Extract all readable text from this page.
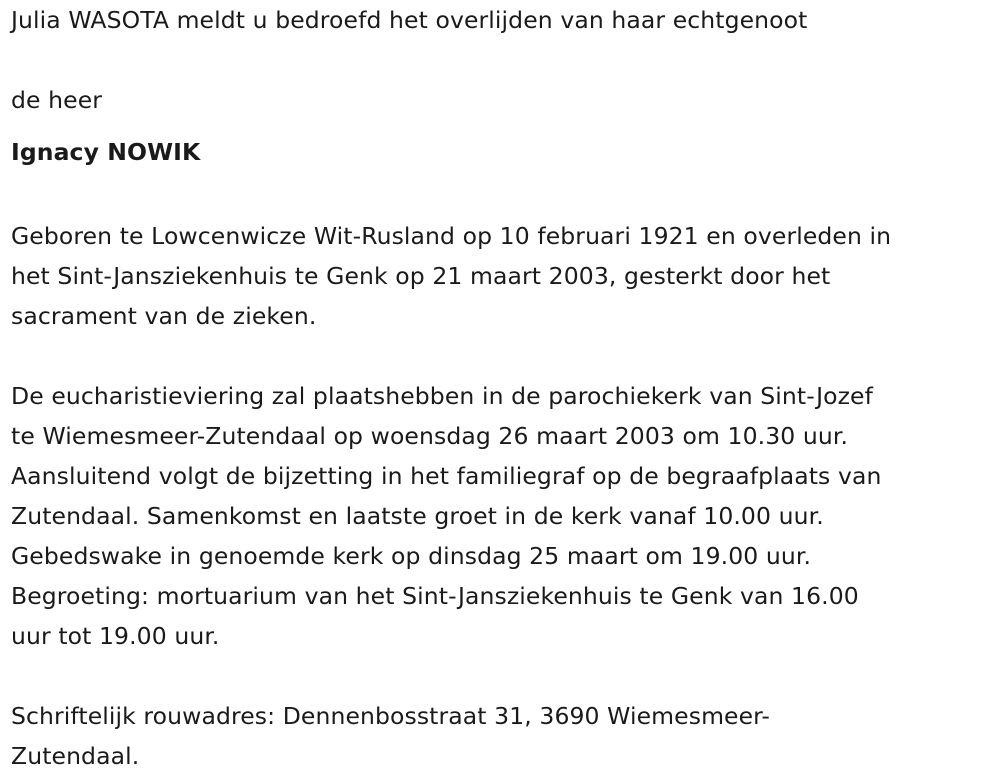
Julia WASOTA meldt u bedroefd het overlijden van haar echtgenoot

de heer

Ignacy NOWIK

Geboren te Lowcenwicze Wit-Rusland op 10 februari 1921 en overleden in

het Sint-Jansziekenhuis te Genk op 21 maart 2003, gesterkt door het

sacrament van de zieken.

De eucharistieviering zal plaatshebben in de parochiekerk van Sint-Jozef

te Wiemesmeer-Zutendaal op woensdag 26 maart 2003 om 10.30 uur.

Aansluitend volgt de bijzetting in het familiegraf op de begraafplaats van

Zutendaal. Samenkomst en laatste groet in de kerk vanaf 10.00 uur.

Gebedswake in genoemde kerk op dinsdag 25 maart om 19.00 uur.

Begroeting: mortuarium van het Sint-Jansziekenhuis te Genk van 16.00

uur tot 19.00 uur.

Schriftelijk rouwadres: Dennenbosstraat 31, 3690 Wiemesmeer-

Zutendaal.
